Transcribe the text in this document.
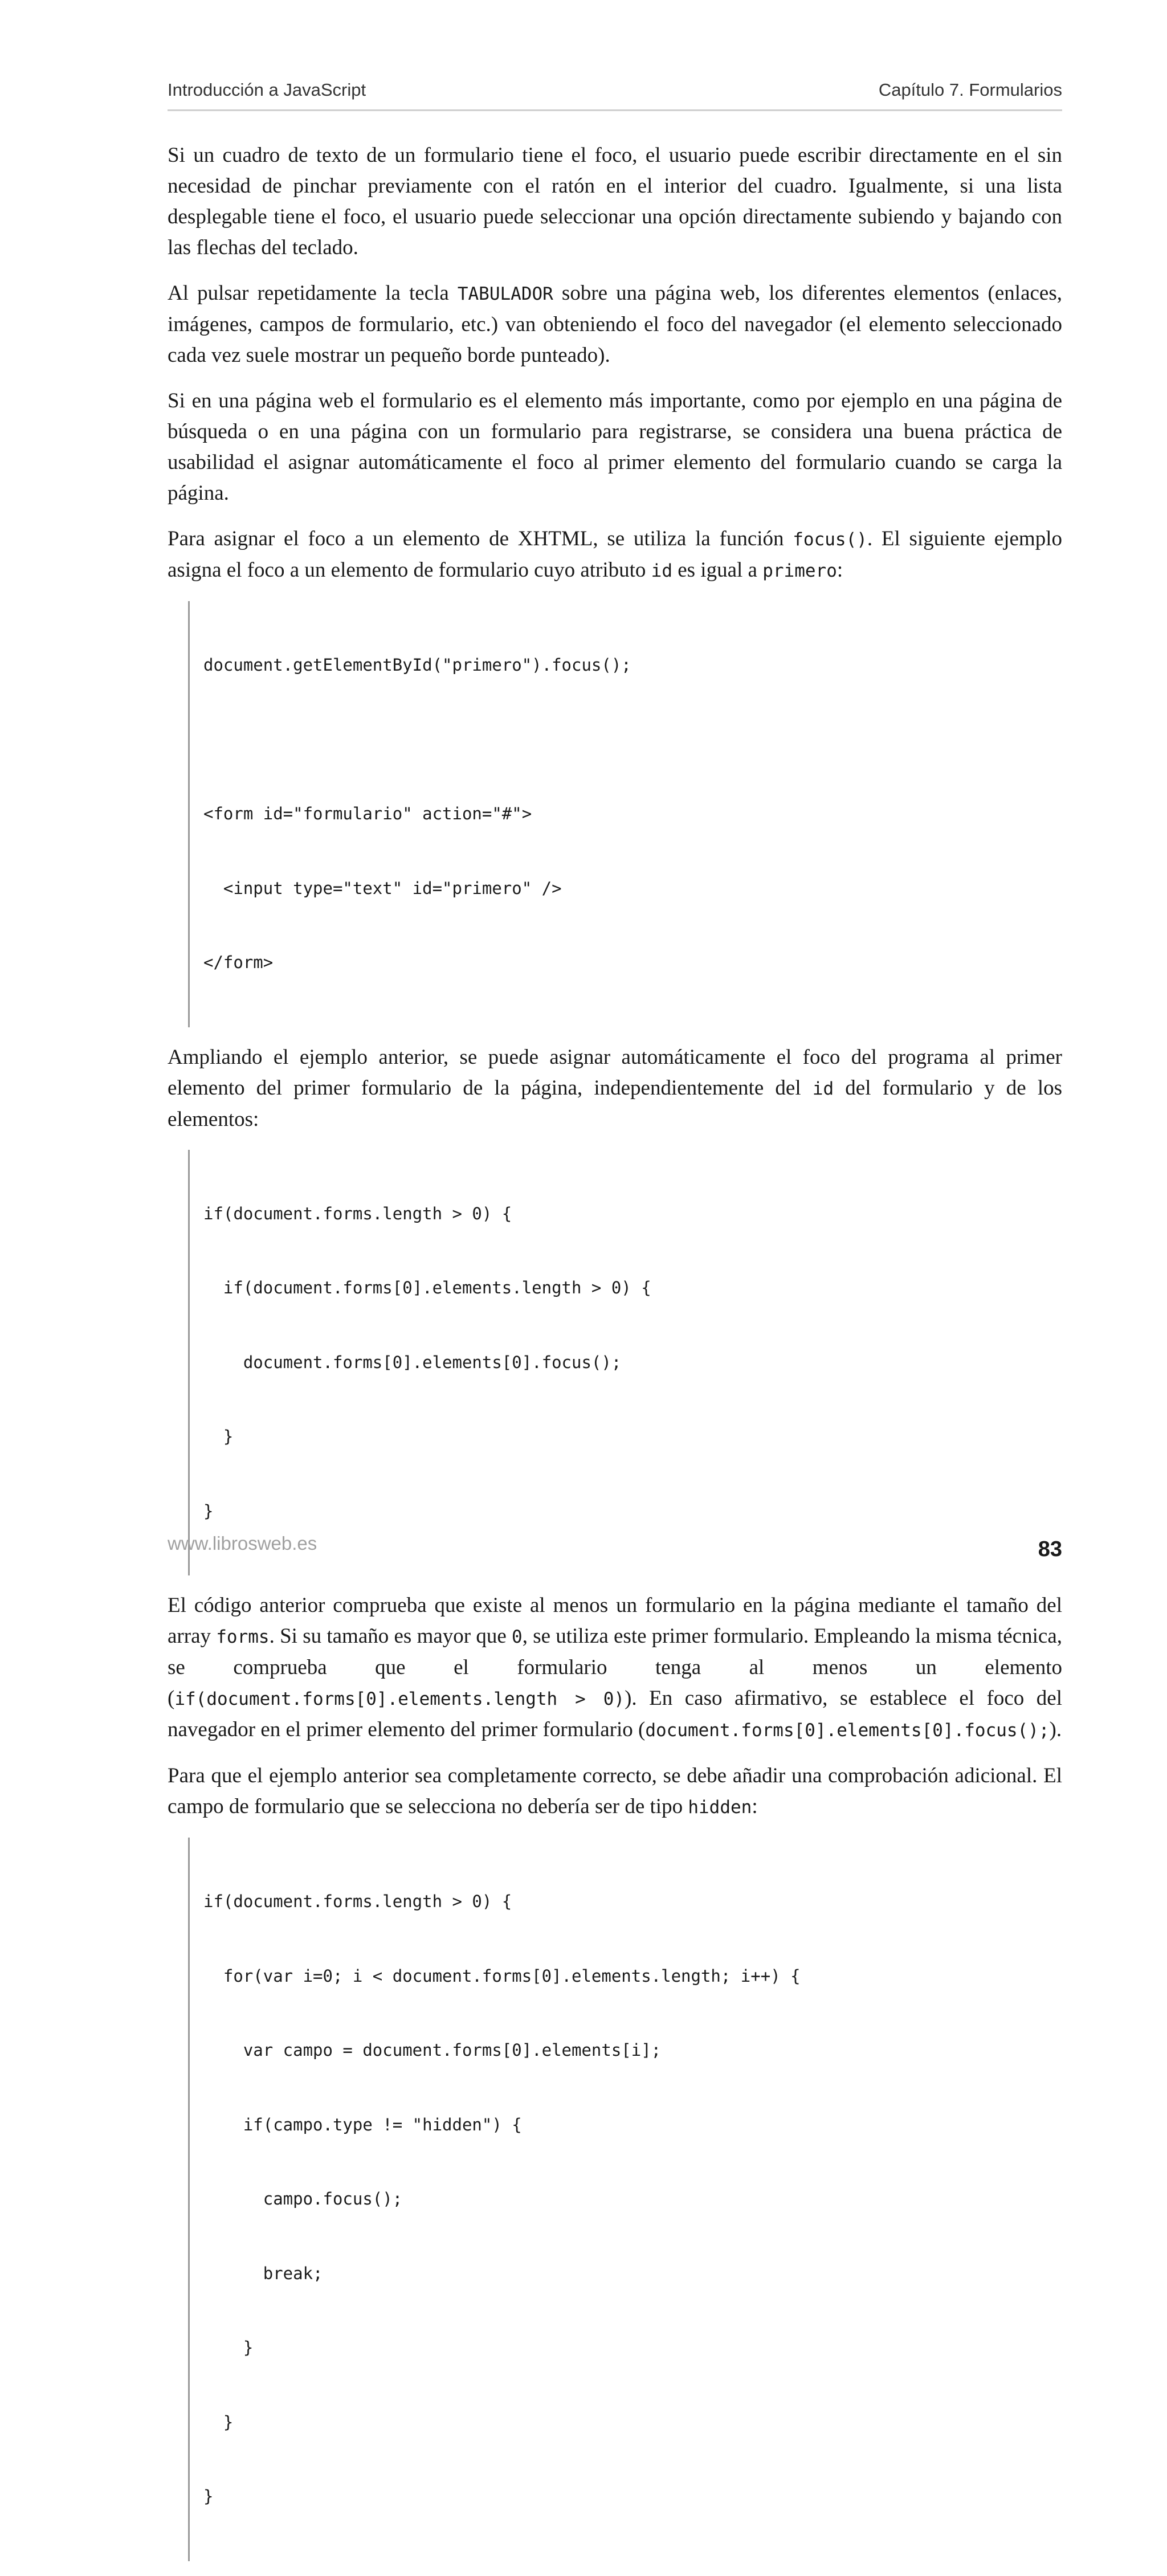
Introducción a JavaScript	Capítulo 7. Formularios

Si un cuadro de texto de un formulario tiene el foco, el usuario puede escribir directamente en el sin necesidad de pinchar previamente con el ratón en el interior del cuadro. Igualmente, si una lista desplegable tiene el foco, el usuario puede seleccionar una opción directamente subiendo y bajando con las flechas del teclado.

Al pulsar repetidamente la tecla TABULADOR sobre una página web, los diferentes elementos (enlaces, imágenes, campos de formulario, etc.) van obteniendo el foco del navegador (el elemento seleccionado cada vez suele mostrar un pequeño borde punteado).

Si en una página web el formulario es el elemento más importante, como por ejemplo en una página de búsqueda o en una página con un formulario para registrarse, se considera una buena práctica de usabilidad el asignar automáticamente el foco al primer elemento del formulario cuando se carga la página.

Para asignar el foco a un elemento de XHTML, se utiliza la función focus(). El siguiente ejemplo asigna el foco a un elemento de formulario cuyo atributo id es igual a primero:

document.getElementById("primero").focus();

<form id="formulario" action="#">

<input type="text" id="primero" />

</form>

Ampliando el ejemplo anterior, se puede asignar automáticamente el foco del programa al primer elemento del primer formulario de la página, independientemente del id del formulario y de los elementos:

if(document.forms.length > 0) {

if(document.forms[0].elements.length > 0) {

document.forms[0].elements[0].focus();

}

}

El código anterior comprueba que existe al menos un formulario en la página mediante el tamaño del array forms. Si su tamaño es mayor que 0, se utiliza este primer formulario. Empleando la misma técnica, se comprueba que el formulario tenga al menos un elemento (if(document.forms[0].elements.length > 0)). En caso afirmativo, se establece el foco del navegador en el primer elemento del primer formulario (document.forms[0].elements[0].focus();).

Para que el ejemplo anterior sea completamente correcto, se debe añadir una comprobación adicional. El campo de formulario que se selecciona no debería ser de tipo hidden:

if(document.forms.length > 0) {

for(var i=0; i < document.forms[0].elements.length; i++) {

var campo = document.forms[0].elements[i];

if(campo.type != "hidden") {

campo.focus();

break;

}

}

}

www.librosweb.es	83
